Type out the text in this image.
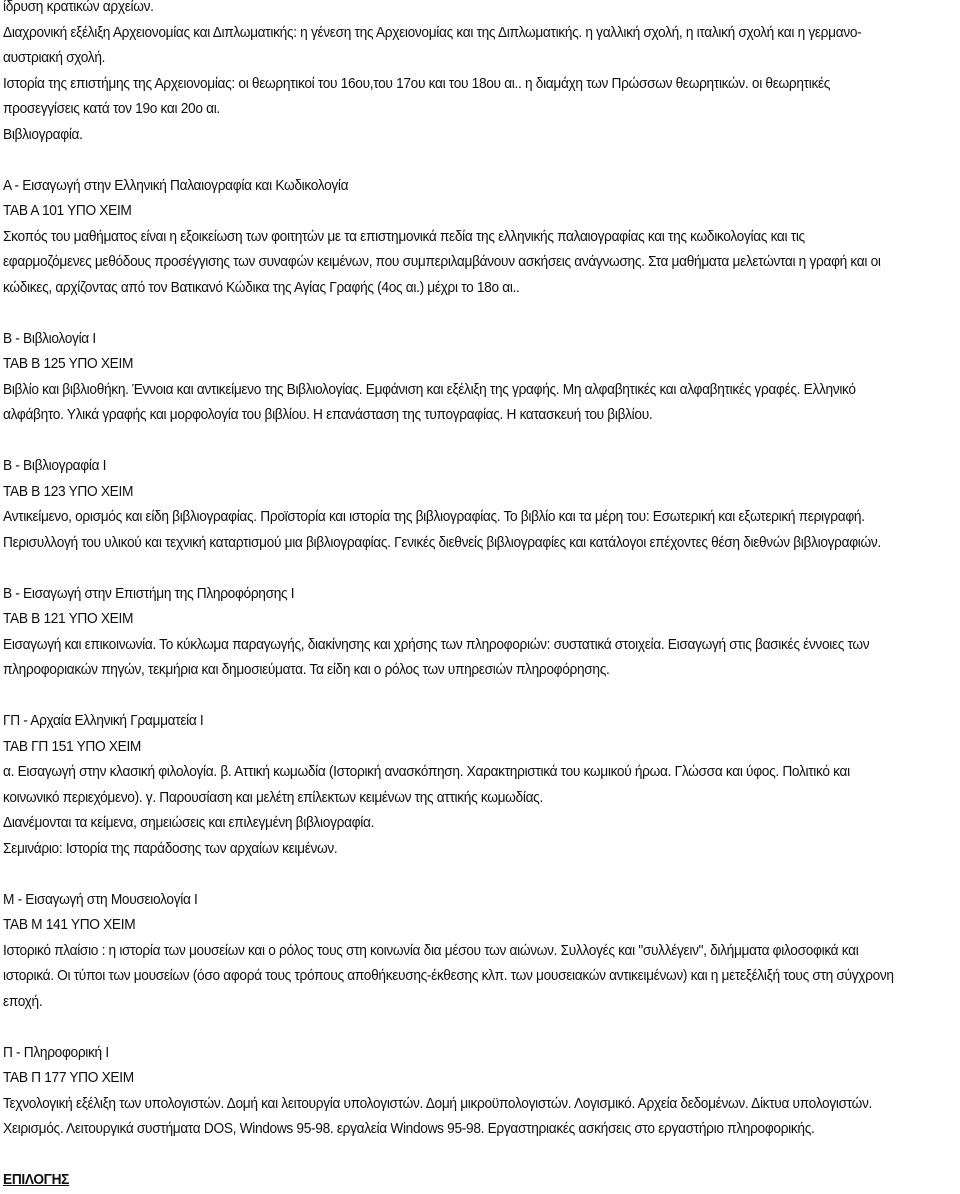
ίδρυση κρατικών αρχείων.

Διαχρονική εξέλιξη Αρχειονομίας και Διπλωματικής: η γένεση της Αρχειονομίας και της Διπλωματικής. η γαλλική σχολή, η ιταλική σχολή και η γερμανο-

αυστριακή σχολή.

Ιστορία της επιστήμης της Αρχειονομίας: οι θεωρητικοί του 16ου,του 17ου και του 18ου αι.. η διαμάχη των Πρώσσων θεωρητικών. οι θεωρητικές

προσεγγίσεις κατά τον 19ο και 20ο αι.

Βιβλιογραφία.

Α - Εισαγωγή στην Ελληνική Παλαιογραφία και Κωδικολογία

ΤΑΒ Α 101 ΥΠΟ ΧΕΙΜ

Σκοπός του μαθήματος είναι η εξοικείωση των φοιτητών με τα επιστημονικά πεδία της ελληνικής παλαιογραφίας και της κωδικολογίας και τις

εφαρμοζόμενες μεθόδους προσέγγισης των συναφών κειμένων, που συμπεριλαμβάνουν ασκήσεις ανάγνωσης. Στα μαθήματα μελετώνται η γραφή και οι

κώδικες, αρχίζοντας από τον Βατικανό Κώδικα της Αγίας Γραφής (4ος αι.) μέχρι το 18ο αι..

Β - Βιβλιολογία Ι

ΤΑΒ Β 125 ΥΠΟ ΧΕΙΜ

Βιβλίο και βιβλιοθήκη. Έννοια και αντικείμενο της Βιβλιολογίας. Εμφάνιση και εξέλιξη της γραφής. Μη αλφαβητικές και αλφαβητικές γραφές. Ελληνικό

αλφάβητο. Υλικά γραφής και μορφολογία του βιβλίου. Η επανάσταση της τυπογραφίας. Η κατασκευή του βιβλίου.

Β - Βιβλιογραφία Ι

ΤΑΒ Β 123 ΥΠΟ ΧΕΙΜ

Αντικείμενο, ορισμός και είδη βιβλιογραφίας. Προϊστορία και ιστορία της βιβλιογραφίας. Το βιβλίο και τα μέρη του: Εσωτερική και εξωτερική περιγραφή.

Περισυλλογή του υλικού και τεχνική καταρτισμού μια βιβλιογραφίας. Γενικές διεθνείς βιβλιογραφίες και κατάλογοι επέχοντες θέση διεθνών βιβλιογραφιών.

Β - Εισαγωγή στην Επιστήμη της Πληροφόρησης Ι

ΤΑΒ Β 121 ΥΠΟ ΧΕΙΜ

Εισαγωγή και επικοινωνία. Το κύκλωμα παραγωγής, διακίνησης και χρήσης των πληροφοριών: συστατικά στοιχεία. Εισαγωγή στις βασικές έννοιες των

πληροφοριακών πηγών, τεκμήρια και δημοσιεύματα. Τα είδη και ο ρόλος των υπηρεσιών πληροφόρησης.

ΓΠ - Αρχαία Ελληνική Γραμματεία Ι

ΤΑΒ ΓΠ 151 ΥΠΟ ΧΕΙΜ

α. Εισαγωγή στην κλασική φιλολογία. β. Αττική κωμωδία (Ιστορική ανασκόπηση. Χαρακτηριστικά του κωμικού ήρωα. Γλώσσα και ύφος. Πολιτικό και

κοινωνικό περιεχόμενο). γ. Παρουσίαση και μελέτη επίλεκτων κειμένων της αττικής κωμωδίας.

Διανέμονται τα κείμενα, σημειώσεις και επιλεγμένη βιβλιογραφία.

Σεμινάριο: Ιστορία της παράδοσης των αρχαίων κειμένων.

Μ - Εισαγωγή στη Μουσειολογία Ι

ΤΑΒ Μ 141 ΥΠΟ ΧΕΙΜ

Ιστορικό πλαίσιο : η ιστορία των μουσείων και ο ρόλος τους στη κοινωνία δια μέσου των αιώνων. Συλλογές και "συλλέγειν", διλήμματα φιλοσοφικά και

ιστορικά. Οι τύποι των μουσείων (όσο αφορά τους τρόπους αποθήκευσης-έκθεσης κλπ. των μουσειακών αντικειμένων) και η μετεξέλιξή τους στη σύγχρονη

εποχή.

Π - Πληροφορική Ι

ΤΑΒ Π 177 ΥΠΟ ΧΕΙΜ

Τεχνολογική εξέλιξη των υπολογιστών. Δομή και λειτουργία υπολογιστών. Δομή μικροϋπολογιστών. Λογισμικό. Αρχεία δεδομένων. Δίκτυα υπολογιστών.

Χειρισμός. Λειτουργικά συστήματα DOS, Windows 95-98. εργαλεία Windows 95-98. Εργαστηριακές ασκήσεις στο εργαστήριο πληροφορικής.

ΕΠΙΛΟΓΗΣ
